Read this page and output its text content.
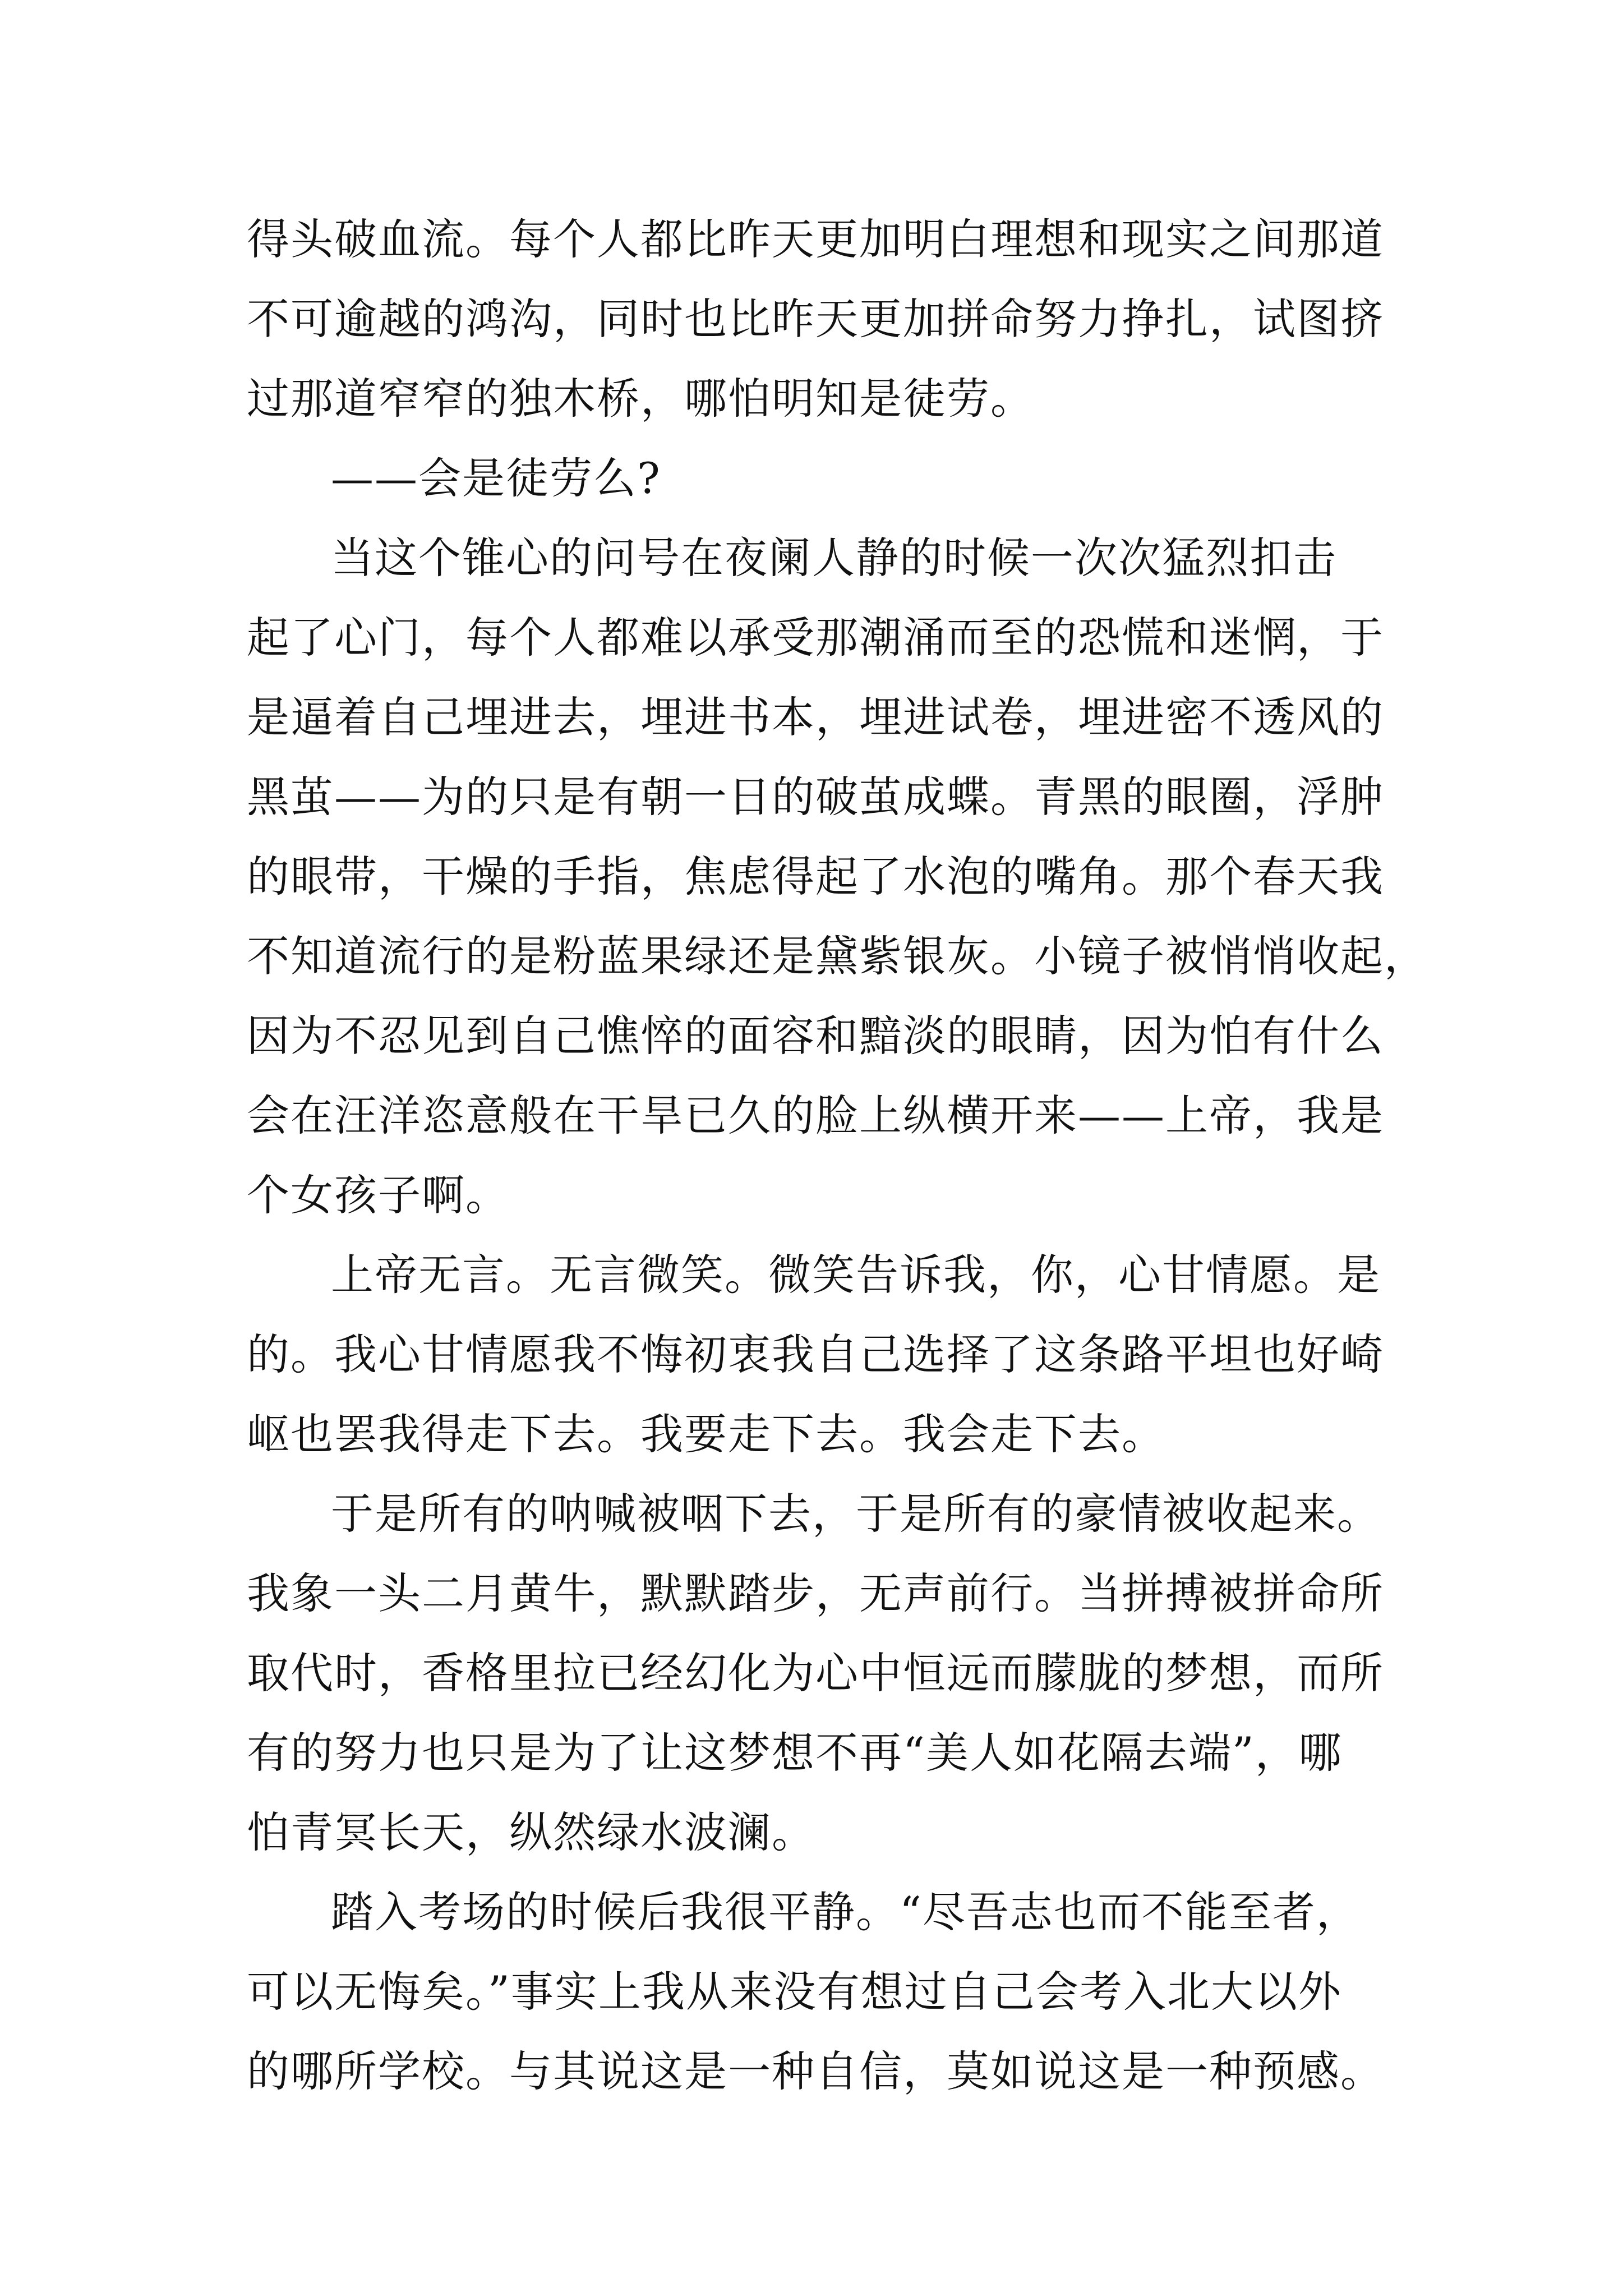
得头破血流。每个人都比昨天更加明白理想和现实之间那道
不可逾越的鸿沟，同时也比昨天更加拼命努力挣扎，试图挤
过那道窄窄的独木桥，哪怕明知是徒劳。
——会是徒劳么?
当这个锥心的问号在夜阑人静的时候一次次猛烈扣击
起了心门，每个人都难以承受那潮涌而至的恐慌和迷惘，于
是逼着自己埋进去，埋进书本，埋进试卷，埋进密不透风的
黑茧——为的只是有朝一日的破茧成蝶。青黑的眼圈，浮肿
的眼带，干燥的手指，焦虑得起了水泡的嘴角。那个春天我
不知道流行的是粉蓝果绿还是黛紫银灰。小镜子被悄悄收起，
因为不忍见到自己憔悴的面容和黯淡的眼睛，因为怕有什么
会在汪洋恣意般在干旱已久的脸上纵横开来——上帝，我是
个女孩子啊。
上帝无言。无言微笑。微笑告诉我，你，心甘情愿。是
的。我心甘情愿我不悔初衷我自己选择了这条路平坦也好崎
岖也罢我得走下去。我要走下去。我会走下去。
于是所有的呐喊被咽下去，于是所有的豪情被收起来。
我象一头二月黄牛，默默踏步，无声前行。当拼搏被拼命所
取代时，香格里拉已经幻化为心中恒远而朦胧的梦想，而所
有的努力也只是为了让这梦想不再“美人如花隔去端”，哪
怕青冥长天，纵然绿水波澜。
踏入考场的时候后我很平静。“尽吾志也而不能至者，
可以无悔矣。”事实上我从来没有想过自己会考入北大以外
的哪所学校。与其说这是一种自信，莫如说这是一种预感。
